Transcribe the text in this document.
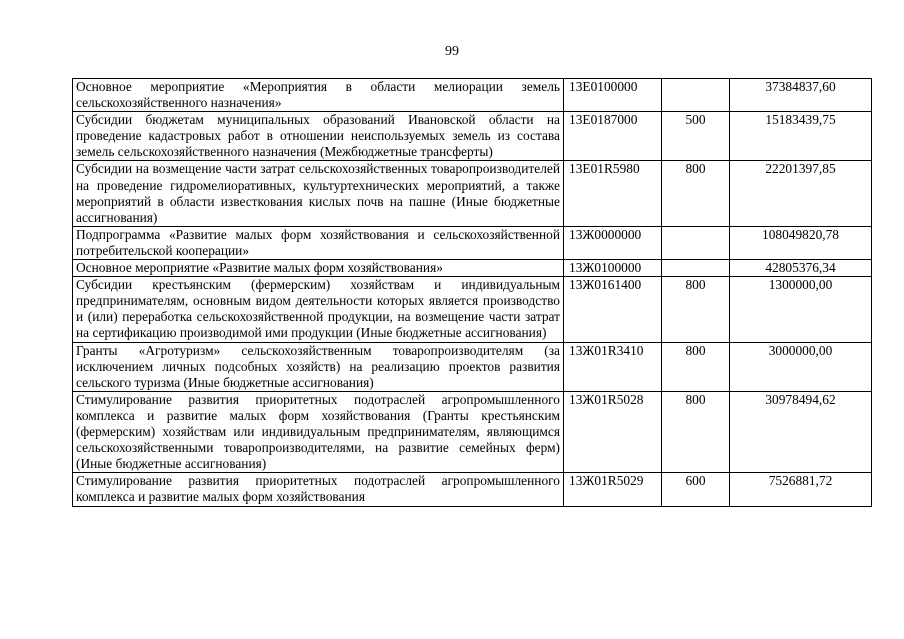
99
Основное мероприятие «Мероприятия в области мелиорации земель сельскохозяйственного назначения»	13Е0100000		37384837,60
Субсидии бюджетам муниципальных образований Ивановской области на проведение кадастровых работ в отношении неиспользуемых земель из состава земель сельскохозяйственного назначения (Межбюджетные трансферты)	13Е0187000	500	15183439,75
Субсидии на возмещение части затрат сельскохозяйственных товаропроизводителей на проведение гидромелиоративных, культуртехнических мероприятий, а также мероприятий в области известкования кислых почв на пашне (Иные бюджетные ассигнования)	13Е01R5980	800	22201397,85
Подпрограмма «Развитие малых форм хозяйствования и сельскохозяйственной потребительской кооперации»	13Ж0000000		108049820,78
Основное мероприятие «Развитие малых форм хозяйствования»	13Ж0100000		42805376,34
Субсидии крестьянским (фермерским) хозяйствам и индивидуальным предпринимателям, основным видом деятельности которых является производство и (или) переработка сельскохозяйственной продукции, на возмещение части затрат на сертификацию производимой ими продукции (Иные бюджетные ассигнования)	13Ж0161400	800	1300000,00
Гранты «Агротуризм» сельскохозяйственным товаропроизводителям (за исключением личных подсобных хозяйств) на реализацию проектов развития сельского туризма (Иные бюджетные ассигнования)	13Ж01R3410	800	3000000,00
Стимулирование развития приоритетных подотраслей агропромышленного комплекса и развитие малых форм хозяйствования (Гранты крестьянским (фермерским) хозяйствам или индивидуальным предпринимателям, являющимся сельскохозяйственными товаропроизводителями, на развитие семейных ферм) (Иные бюджетные ассигнования)	13Ж01R5028	800	30978494,62
Стимулирование развития приоритетных подотраслей агропромышленного комплекса и развитие малых форм хозяйствования	13Ж01R5029	600	7526881,72
